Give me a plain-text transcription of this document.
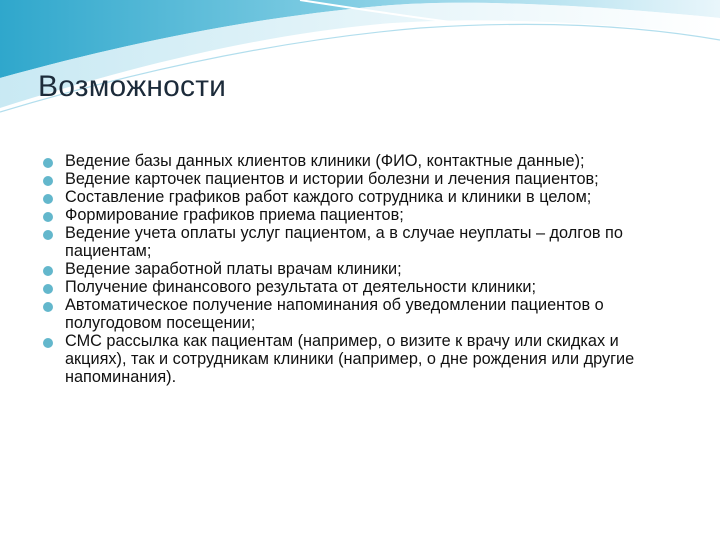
Возможности
Ведение базы данных клиентов клиники (ФИО, контактные данные);
Ведение карточек пациентов и истории болезни и лечения пациентов;
Составление графиков работ каждого сотрудника и клиники в целом;
Формирование графиков приема пациентов;
Ведение учета оплаты услуг пациентом, а в случае неуплаты – долгов по пациентам;
Ведение заработной платы врачам клиники;
Получение финансового результата от деятельности клиники;
Автоматическое получение напоминания об уведомлении пациентов о полугодовом посещении;
СМС рассылка как пациентам (например, о визите к врачу или скидках и акциях), так и сотрудникам клиники (например, о дне рождения или другие напоминания).
